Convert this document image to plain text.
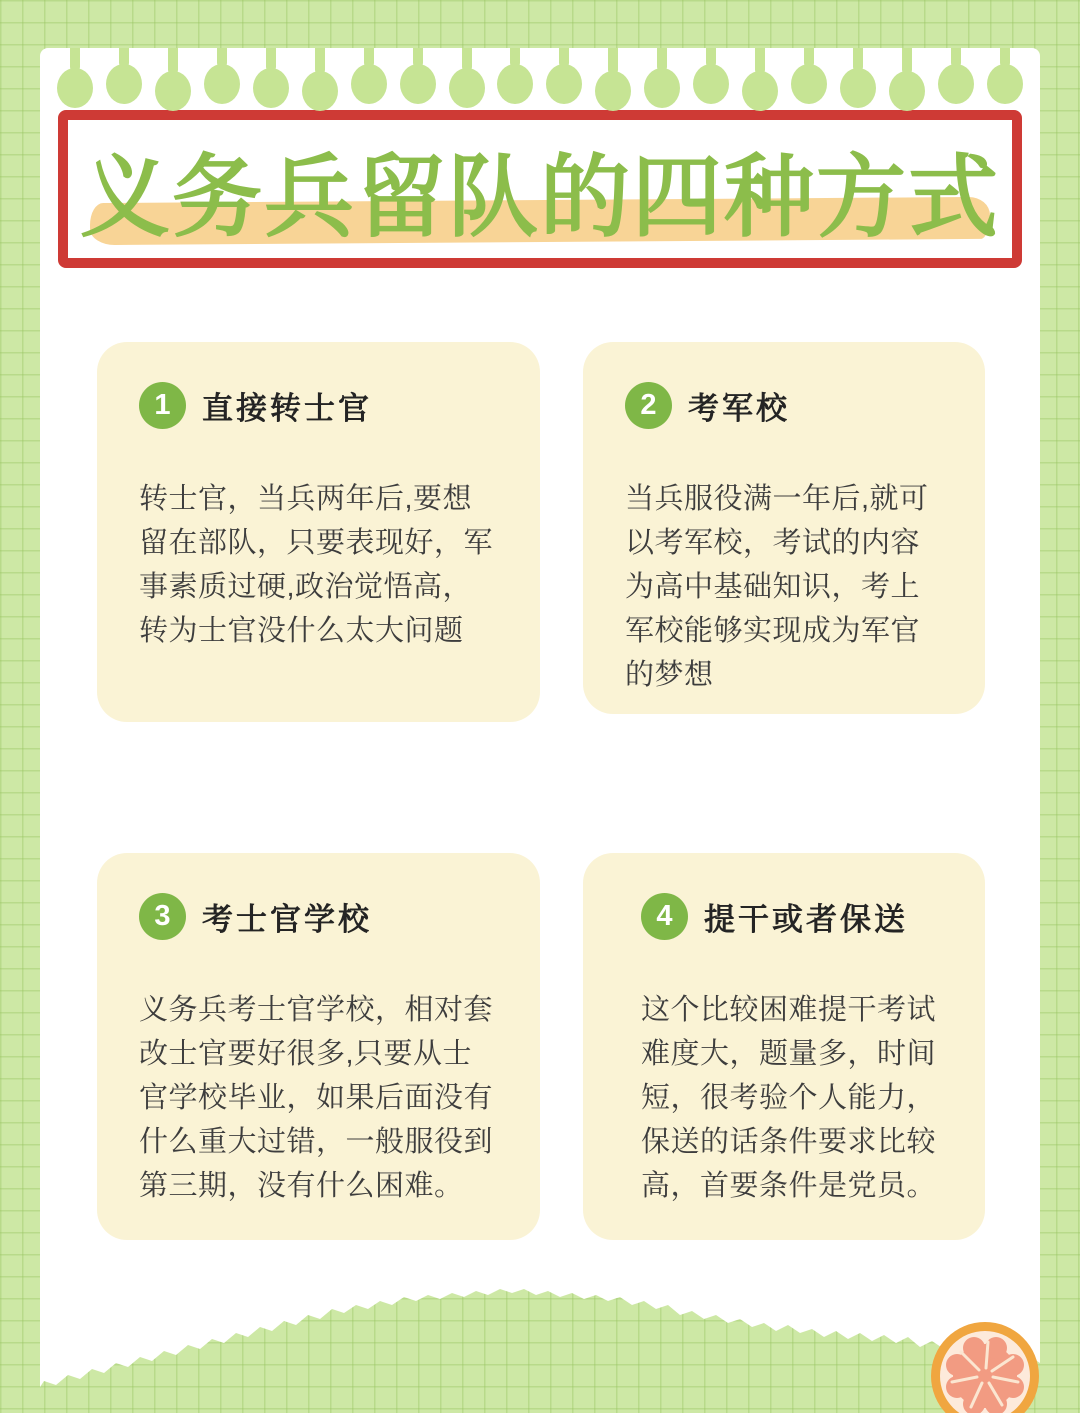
义务兵留队的四种方式
1	直接转士官

转士官，当兵两年后,要想留在部队，只要表现好，军事素质过硬,政治觉悟高，转为士官没什么太大问题

2	考军校

当兵服役满一年后,就可以考军校，考试的内容为高中基础知识，考上军校能够实现成为军官的梦想

3	考士官学校

义务兵考士官学校，相对套改士官要好很多,只要从士官学校毕业，如果后面没有什么重大过错，一般服役到第三期，没有什么困难。

4	提干或者保送

这个比较困难提干考试难度大，题量多，时间短，很考验个人能力，保送的话条件要求比较高，首要条件是党员。
